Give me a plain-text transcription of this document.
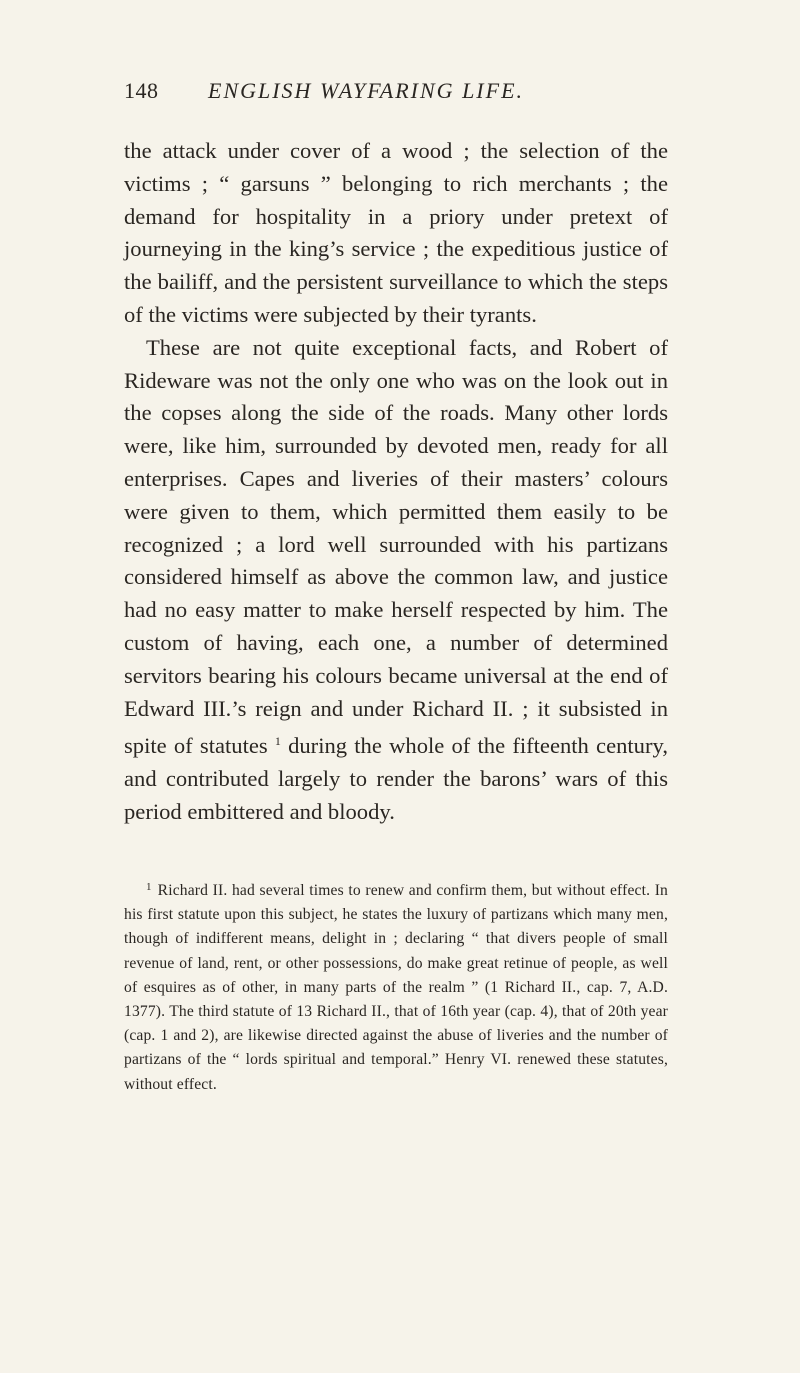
148 ENGLISH WAYFARING LIFE.

the attack under cover of a wood ; the selection of the victims ; “ garsuns ” belonging to rich merchants ; the demand for hospitality in a priory under pretext of journeying in the king’s service ; the expeditious justice of the bailiff, and the persistent surveillance to which the steps of the victims were subjected by their tyrants.

These are not quite exceptional facts, and Robert of Rideware was not the only one who was on the look out in the copses along the side of the roads. Many other lords were, like him, surrounded by devoted men, ready for all enterprises. Capes and liveries of their masters’ colours were given to them, which permitted them easily to be recognized ; a lord well surrounded with his partizans considered himself as above the common law, and justice had no easy matter to make herself respected by him. The custom of having, each one, a number of determined servitors bearing his colours became universal at the end of Edward III.’s reign and under Richard II. ; it subsisted in spite of statutes $^1$ during the whole of the fifteenth century, and contributed largely to render the barons’ wars of this period embittered and bloody.

$^1$ Richard II. had several times to renew and confirm them, but without effect. In his first statute upon this subject, he states the luxury of partizans which many men, though of indifferent means, delight in ; declaring “ that divers people of small revenue of land, rent, or other possessions, do make great retinue of people, as well of esquires as of other, in many parts of the realm ” (1 Richard II., cap. 7, A.D. 1377). The third statute of 13 Richard II., that of 16th year (cap. 4), that of 20th year (cap. 1 and 2), are likewise directed against the abuse of liveries and the number of partizans of the “ lords spiritual and temporal.” Henry VI. renewed these statutes, without effect.
